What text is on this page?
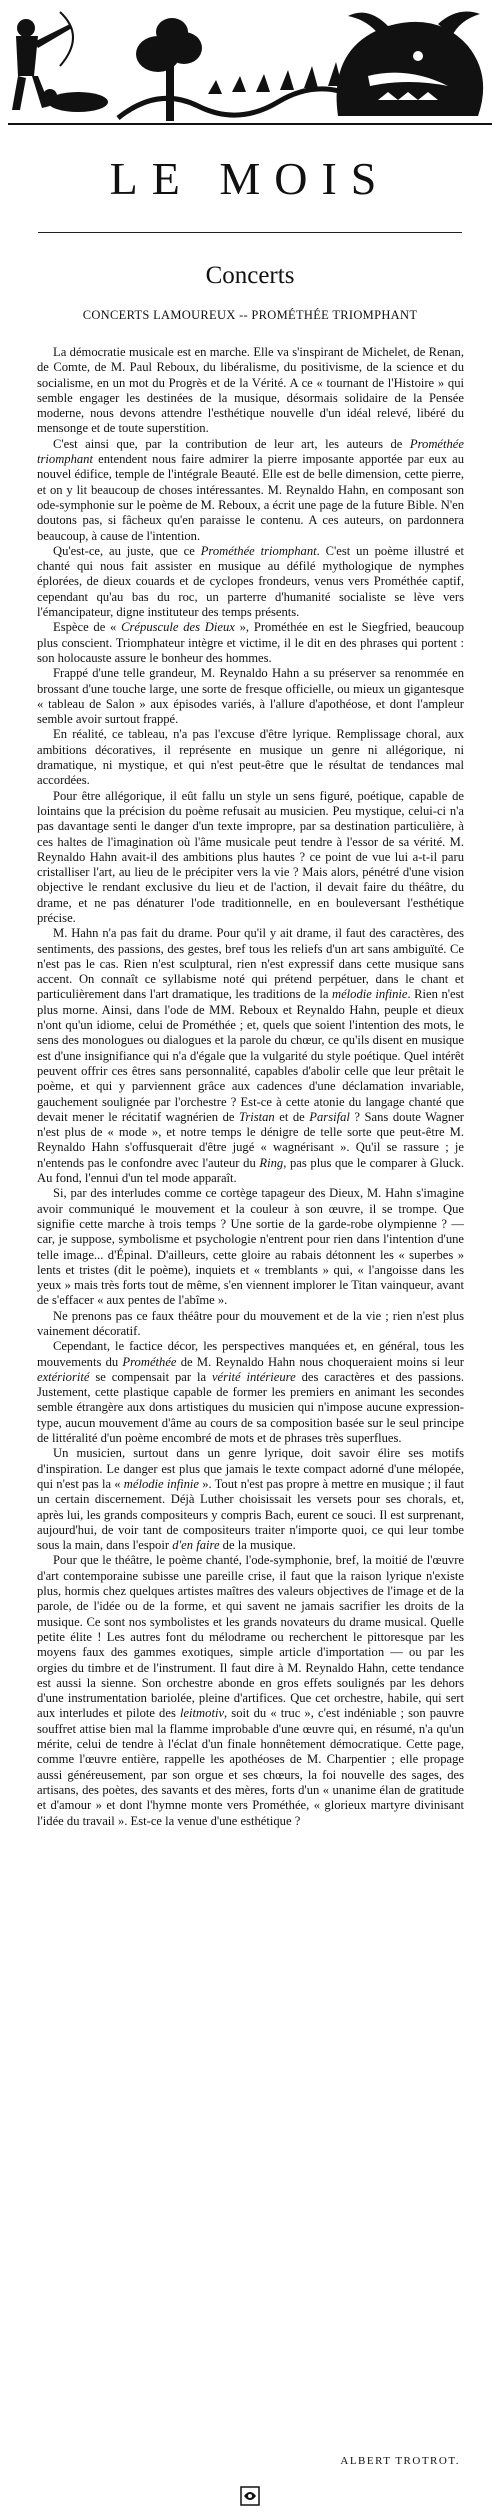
LE MOIS
Concerts
CONCERTS LAMOUREUX -- PROMÉTHÉE TRIOMPHANT

La démocratie musicale est en marche. Elle va s'inspirant de Michelet, de Renan, de Comte, de M. Paul Reboux, du libéralisme, du positivisme, de la science et du socialisme, en un mot du Progrès et de la Vérité. A ce « tournant de l'Histoire » qui semble engager les destinées de la musique, désormais solidaire de la Pensée moderne, nous devons attendre l'esthétique nouvelle d'un idéal relevé, libéré du mensonge et de toute superstition.

C'est ainsi que, par la contribution de leur art, les auteurs de Prométhée triomphant entendent nous faire admirer la pierre imposante apportée par eux au nouvel édifice, temple de l'intégrale Beauté. Elle est de belle dimension, cette pierre, et on y lit beaucoup de choses intéressantes. M. Reynaldo Hahn, en composant son ode-symphonie sur le poème de M. Reboux, a écrit une page de la future Bible. N'en doutons pas, si fâcheux qu'en paraisse le contenu. A ces auteurs, on pardonnera beaucoup, à cause de l'intention.

Qu'est-ce, au juste, que ce Prométhée triomphant. C'est un poème illustré et chanté qui nous fait assister en musique au défilé mythologique de nymphes éplorées, de dieux couards et de cyclopes frondeurs, venus vers Prométhée captif, cependant qu'au bas du roc, un parterre d'humanité socialiste se lève vers l'émancipateur, digne instituteur des temps présents.

Espèce de « Crépuscule des Dieux », Prométhée en est le Siegfried, beaucoup plus conscient. Triomphateur intègre et victime, il le dit en des phrases qui portent : son holocauste assure le bonheur des hommes.

Frappé d'une telle grandeur, M. Reynaldo Hahn a su préserver sa renommée en brossant d'une touche large, une sorte de fresque officielle, ou mieux un gigantesque « tableau de Salon » aux épisodes variés, à l'allure d'apothéose, et dont l'ampleur semble avoir surtout frappé.

En réalité, ce tableau, n'a pas l'excuse d'être lyrique. Remplissage choral, aux ambitions décoratives, il représente en musique un genre ni allégorique, ni dramatique, ni mystique, et qui n'est peut-être que le résultat de tendances mal accordées.

Pour être allégorique, il eût fallu un style un sens figuré, poétique, capable de lointains que la précision du poème refusait au musicien. Peu mystique, celui-ci n'a pas davantage senti le danger d'un texte impropre, par sa destination particulière, à ces haltes de l'imagination où l'âme musicale peut tendre à l'essor de sa vérité. M. Reynaldo Hahn avait-il des ambitions plus hautes ? ce point de vue lui a-t-il paru cristalliser l'art, au lieu de le précipiter vers la vie ? Mais alors, pénétré d'une vision objective le rendant exclusive du lieu et de l'action, il devait faire du théâtre, du drame, et ne pas dénaturer l'ode traditionnelle, en en bouleversant l'esthétique précise.

M. Hahn n'a pas fait du drame. Pour qu'il y ait drame, il faut des caractères, des sentiments, des passions, des gestes, bref tous les reliefs d'un art sans ambiguïté. Ce n'est pas le cas. Rien n'est sculptural, rien n'est expressif dans cette musique sans accent. On connaît ce syllabisme noté qui prétend perpétuer, dans le chant et particulièrement dans l'art dramatique, les traditions de la mélodie infinie. Rien n'est plus morne. Ainsi, dans l'ode de MM. Reboux et Reynaldo Hahn, peuple et dieux n'ont qu'un idiome, celui de Prométhée ; et, quels que soient l'intention des mots, le sens des monologues ou dialogues et la parole du chœur, ce qu'ils disent en musique est d'une insignifiance qui n'a d'égale que la vulgarité du style poétique. Quel intérêt peuvent offrir ces êtres sans personnalité, capables d'abolir celle que leur prêtait le poème, et qui y parviennent grâce aux cadences d'une déclamation invariable, gauchement soulignée par l'orchestre ? Est-ce à cette atonie du langage chanté que devait mener le récitatif wagnérien de Tristan et de Parsifal ? Sans doute Wagner n'est plus de « mode », et notre temps le dénigre de telle sorte que peut-être M. Reynaldo Hahn s'offusquerait d'être jugé « wagnérisant ». Qu'il se rassure ; je n'entends pas le confondre avec l'auteur du Ring, pas plus que le comparer à Gluck. Au fond, l'ennui d'un tel mode apparaît.

Si, par des interludes comme ce cortège tapageur des Dieux, M. Hahn s'imagine avoir communiqué le mouvement et la couleur à son œuvre, il se trompe. Que signifie cette marche à trois temps ? Une sortie de la garde-robe olympienne ? — car, je suppose, symbolisme et psychologie n'entrent pour rien dans l'intention d'une telle image... d'Épinal. D'ailleurs, cette gloire au rabais détonnent les « superbes » lents et tristes (dit le poème), inquiets et « tremblants » qui, « l'angoisse dans les yeux » mais très forts tout de même, s'en viennent implorer le Titan vainqueur, avant de s'effacer « aux pentes de l'abîme ».

Ne prenons pas ce faux théâtre pour du mouvement et de la vie ; rien n'est plus vainement décoratif.

Cependant, le factice décor, les perspectives manquées et, en général, tous les mouvements du Prométhée de M. Reynaldo Hahn nous choqueraient moins si leur extériorité se compensait par la vérité intérieure des caractères et des passions. Justement, cette plastique capable de former les premiers en animant les secondes semble étrangère aux dons artistiques du musicien qui n'impose aucune expression-type, aucun mouvement d'âme au cours de sa composition basée sur le seul principe de littéralité d'un poème encombré de mots et de phrases très superflues.

Un musicien, surtout dans un genre lyrique, doit savoir élire ses motifs d'inspiration. Le danger est plus que jamais le texte compact adorné d'une mélopée, qui n'est pas la « mélodie infinie ». Tout n'est pas propre à mettre en musique ; il faut un certain discernement. Déjà Luther choisissait les versets pour ses chorals, et, après lui, les grands compositeurs y compris Bach, eurent ce souci. Il est surprenant, aujourd'hui, de voir tant de compositeurs traiter n'importe quoi, ce qui leur tombe sous la main, dans l'espoir d'en faire de la musique.

Pour que le théâtre, le poème chanté, l'ode-symphonie, bref, la moitié de l'œuvre d'art contemporaine subisse une pareille crise, il faut que la raison lyrique n'existe plus, hormis chez quelques artistes maîtres des valeurs objectives de l'image et de la parole, de l'idée ou de la forme, et qui savent ne jamais sacrifier les droits de la musique. Ce sont nos symbolistes et les grands novateurs du drame musical. Quelle petite élite ! Les autres font du mélodrame ou recherchent le pittoresque par les moyens faux des gammes exotiques, simple article d'importation — ou par les orgies du timbre et de l'instrument. Il faut dire à M. Reynaldo Hahn, cette tendance est aussi la sienne. Son orchestre abonde en gros effets soulignés par les dehors d'une instrumentation bariolée, pleine d'artifices. Que cet orchestre, habile, qui sert aux interludes et pilote des leitmotiv, soit du « truc », c'est indéniable ; son pauvre souffret attise bien mal la flamme improbable d'une œuvre qui, en résumé, n'a qu'un mérite, celui de tendre à l'éclat d'un finale honnêtement démocratique. Cette page, comme l'œuvre entière, rappelle les apothéoses de M. Charpentier ; elle propage aussi généreusement, par son orgue et ses chœurs, la foi nouvelle des sages, des artisans, des poètes, des savants et des mères, forts d'un « unanime élan de gratitude et d'amour » et dont l'hymne monte vers Prométhée, « glorieux martyre divinisant l'idée du travail ». Est-ce la venue d'une esthétique ?

ALBERT TROTROT.
